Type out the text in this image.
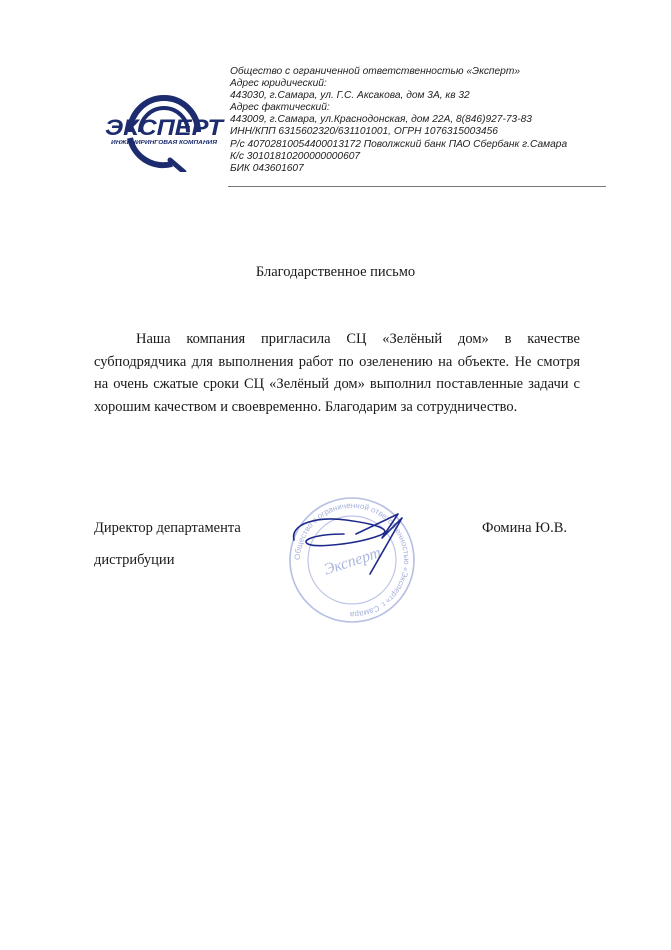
ЭКСПЕРТ
ИНЖИНИРИНГОВАЯ КОМПАНИЯ
Общество с ограниченной ответственностью «Эксперт»
Адрес юридический:
443030, г.Самара, ул. Г.С. Аксакова, дом 3А, кв 32
Адрес фактический:
443009, г.Самара, ул.Краснодонская, дом 22А, 8(846)927-73-83
ИНН/КПП 6315602320/631101001, ОГРН 1076315003456
Р/с 40702810054400013172 Поволжский банк ПАО Сбербанк г.Самара
К/с 30101810200000000607
БИК 043601607
Благодарственное письмо
Наша компания пригласила СЦ «Зелёный дом» в качестве субподрядчика для выполнения работ по озеленению на объекте. Не смотря на очень сжатые сроки СЦ «Зелёный дом» выполнил поставленные задачи с хорошим качеством и своевременно. Благодарим за сотрудничество.
Директор департамента
дистрибуции
Фомина Ю.В.
Общество с ограниченной ответственностью «Эксперт» г. Самара
Эксперт
